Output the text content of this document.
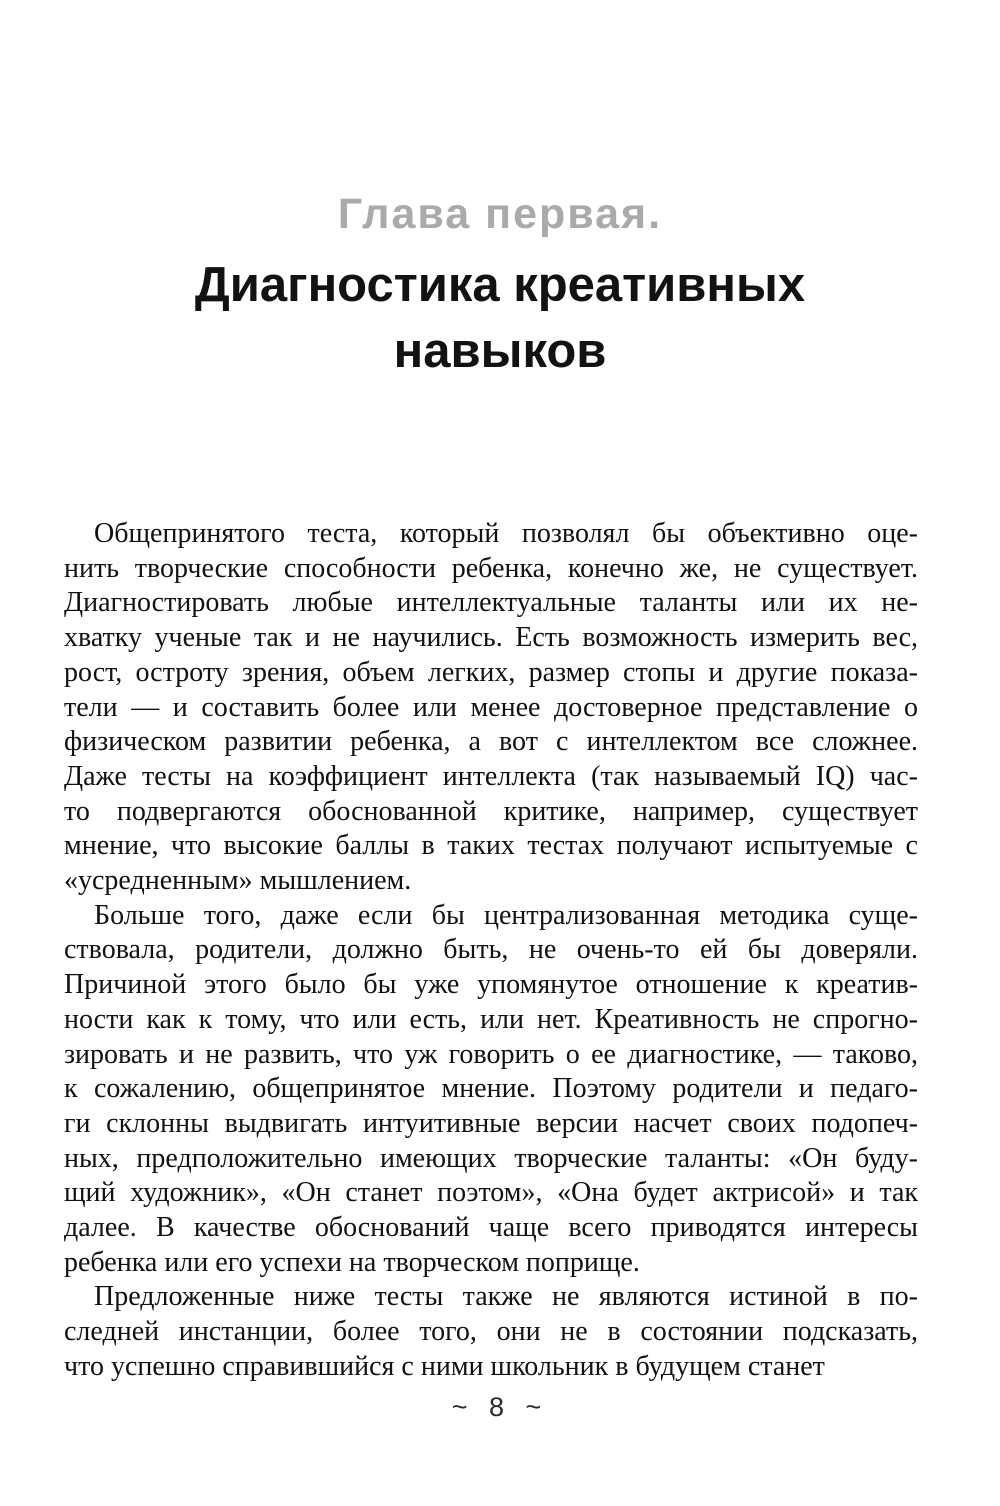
Глава первая.
Диагностика креативных навыков

Общепринятого теста, который позволял бы объективно оце-
нить творческие способности ребенка, конечно же, не существует.
Диагностировать любые интеллектуальные таланты или их не-
хватку ученые так и не научились. Есть возможность измерить вес,
рост, остроту зрения, объем легких, размер стопы и другие показа-
тели — и составить более или менее достоверное представление о
физическом развитии ребенка, а вот с интеллектом все сложнее.
Даже тесты на коэффициент интеллекта (так называемый IQ) час-
то подвергаются обоснованной критике, например, существует
мнение, что высокие баллы в таких тестах получают испытуемые с
«усредненным» мышлением.

Больше того, даже если бы централизованная методика суще-
ствовала, родители, должно быть, не очень-то ей бы доверяли.
Причиной этого было бы уже упомянутое отношение к креатив-
ности как к тому, что или есть, или нет. Креативность не спрогно-
зировать и не развить, что уж говорить о ее диагностике, — таково,
к сожалению, общепринятое мнение. Поэтому родители и педаго-
ги склонны выдвигать интуитивные версии насчет своих подопеч-
ных, предположительно имеющих творческие таланты: «Он буду-
щий художник», «Он станет поэтом», «Она будет актрисой» и так
далее. В качестве обоснований чаще всего приводятся интересы
ребенка или его успехи на творческом поприще.

Предложенные ниже тесты также не являются истиной в по-
следней инстанции, более того, они не в состоянии подсказать,
что успешно справившийся с ними школьник в будущем станет

~ 8 ~
